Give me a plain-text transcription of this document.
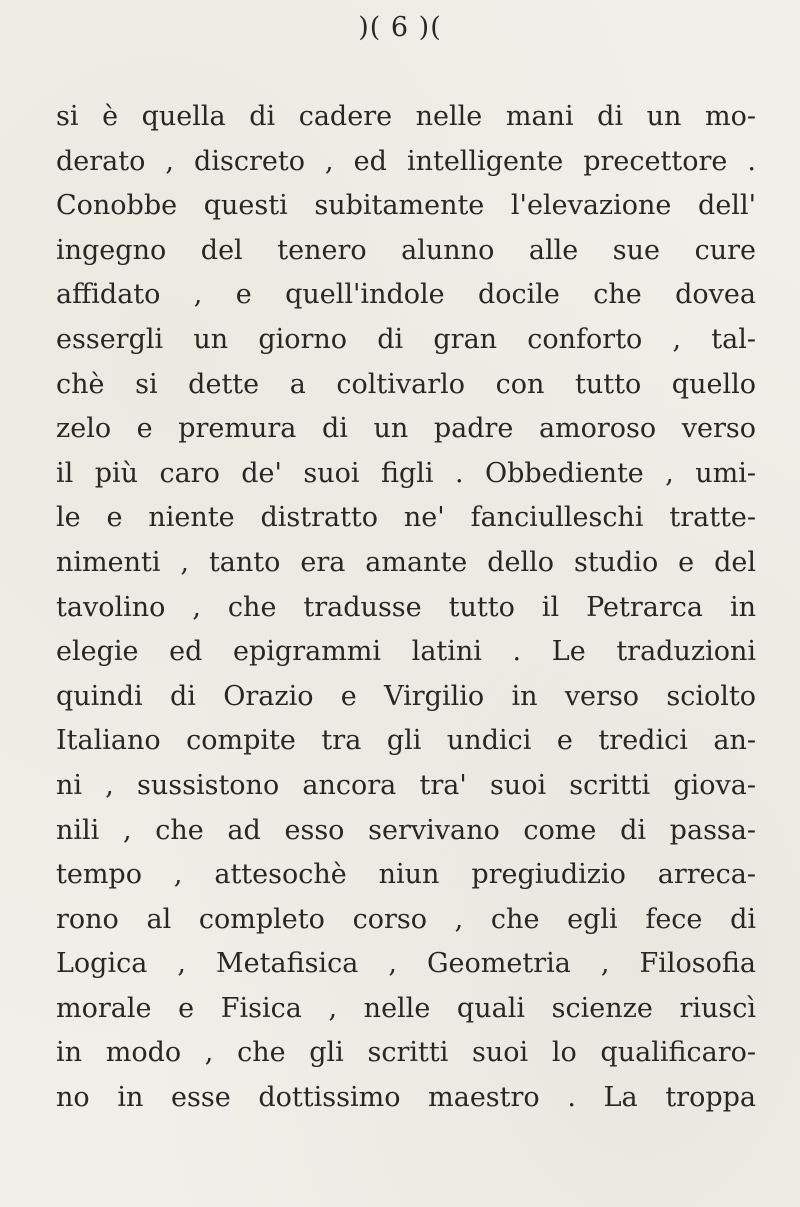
)( 6 )(
si è quella di cadere nelle mani di un mo-
derato , discreto , ed intelligente precettore .
Conobbe questi subitamente l'elevazione dell'
ingegno del tenero alunno alle sue cure
affidato , e quell'indole docile che dovea
essergli un giorno di gran conforto , tal-
chè si dette a coltivarlo con tutto quello
zelo e premura di un padre amoroso verso
il più caro de' suoi figli . Obbediente , umi-
le e niente distratto ne' fanciulleschi tratte-
nimenti , tanto era amante dello studio e del
tavolino , che tradusse tutto il Petrarca in
elegie ed epigrammi latini . Le traduzioni
quindi di Orazio e Virgilio in verso sciolto
Italiano compite tra gli undici e tredici an-
ni , sussistono ancora tra' suoi scritti giova-
nili , che ad esso servivano come di passa-
tempo , attesochè niun pregiudizio arreca-
rono al completo corso , che egli fece di
Logica , Metafisica , Geometria , Filosofia
morale e Fisica , nelle quali scienze riuscì
in modo , che gli scritti suoi lo qualificaro-
no in esse dottissimo maestro . La troppa
